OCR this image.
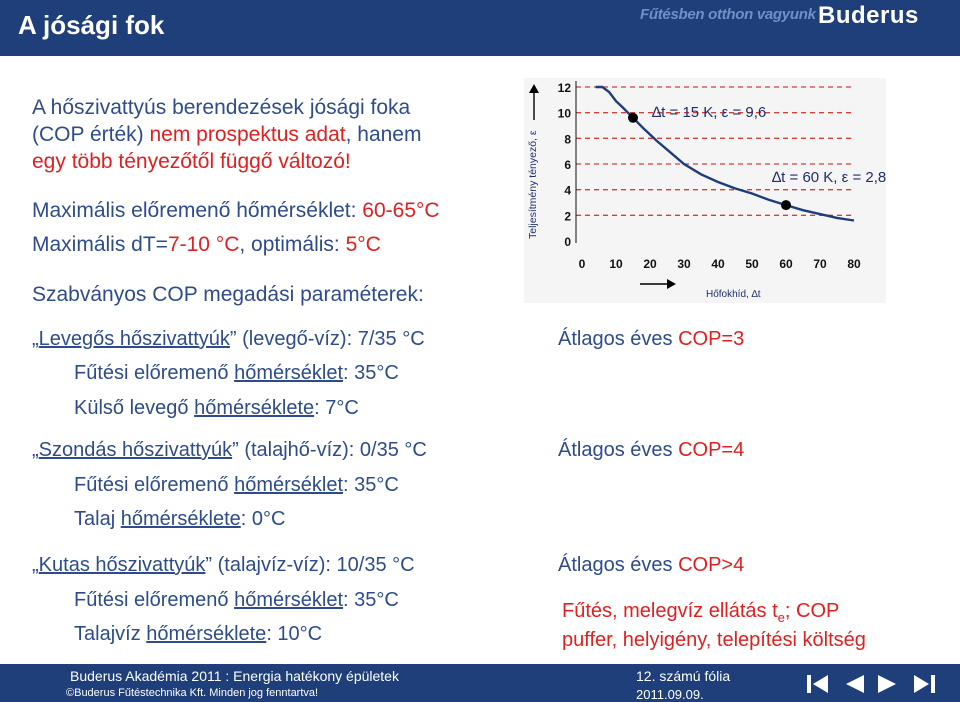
A jósági fok	Fűtésben otthon vagyunk Buderus
A hőszivattyús berendezések jósági foka
(COP érték) nem prospektus adat, hanem
egy több tényezőtől függő változó!
Maximális előremenő hőmérséklet: 60-65°C
Maximális dT=7-10 °C, optimális: 5°C
Szabványos COP megadási paraméterek:
„Levegős hőszivattyúk” (levegő-víz): 7/35 °C
Fűtési előremenő hőmérséklet: 35°C
Külső levegő hőmérséklete: 7°C
Átlagos éves COP=3
„Szondás hőszivattyúk” (talajhő-víz): 0/35 °C
Fűtési előremenő hőmérséklet: 35°C
Talaj hőmérséklete: 0°C
Átlagos éves COP=4
„Kutas hőszivattyúk” (talajvíz-víz): 10/35 °C
Fűtési előremenő hőmérséklet: 35°C
Talajvíz hőmérséklete: 10°C
Átlagos éves COP>4
Fűtés, melegvíz ellátás $t_e$; COP
puffer, helyigény, telepítési költség
0
2
4
6
8
10
12
0 10 20 30 40 50 60 70 80
∆t = 15 K, ε = 9,6
∆t = 60 K, ε = 2,8
Teljesítmény tényező, ε
Hőfokhíd, ∆t
Buderus Akadémia 2011 : Energia hatékony épületek
©Buderus Fűtéstechnika Kft. Minden jog fenntartva!
12. számú fólia
2011.09.09.
